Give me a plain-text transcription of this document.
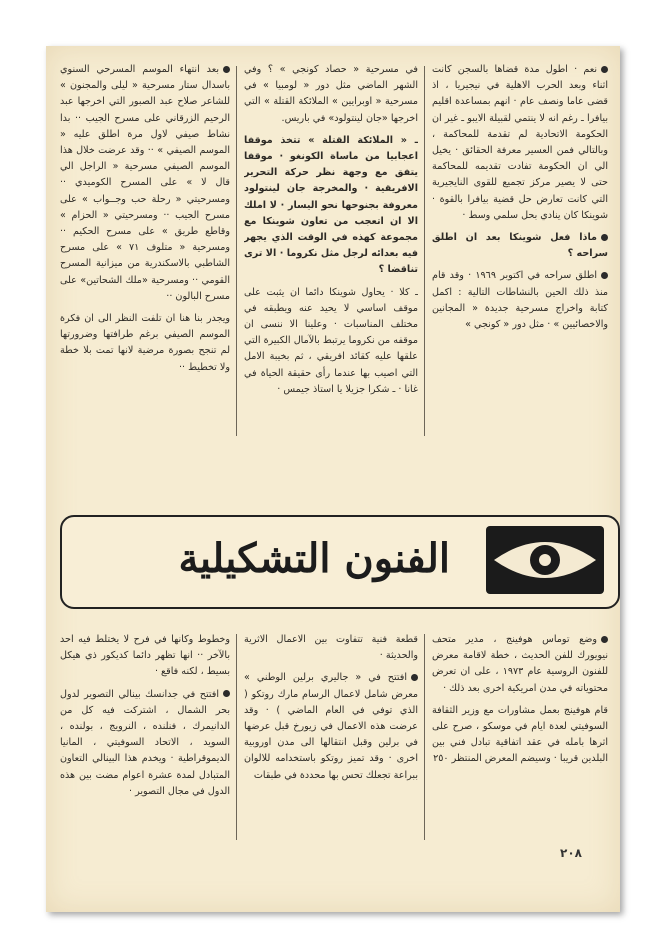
نعم · اطول مدة قضاها بالسجن كانت اثناء وبعد الحرب الاهلية في نيجيريا ، اذ قضى عاما ونصف عام · انهم بمساعدة اقليم بيافرا ـ رغم انه لا ينتمي لقبيلة الايبو ـ غير ان الحكومة الاتحادية لم تقدمة للمحاكمة ، وبالتالي فمن العسير معرفة الحقائق · يخيل الي ان الحكومة تفادت تقديمه للمحاكمة حتى لا يصير مركز تجميع للقوى النايجيرية التي كانت تعارض حل قضية بيافرا بالقوة · شوينكا كان ينادي بحل سلمي وسط ·

ماذا فعل شوينكا بعد ان اطلق سراحه ؟

اطلق سراحه في اكتوبر ١٩٦٩ · وقد قام منذ ذلك الحين بالنشاطات التالية : اكمل كتابة واخراج مسرحية جديدة « المجانين والاخصائيين » · مثل دور « كونجي »

في مسرحية « حصاد كونجي » ؟ وفي الشهر الماضي مثل دور « لومبيا » في مسرحية « اوبرايين » الملائكة القتلة » التي اخرجها «جان لينتولود» في باريس.

ـ « الملائكة القتلة » تتخذ موقفا اعجابيا من ماساة الكونغو · موقفا يتفق مع وجهة نظر حركة التحرير الافريقية · والمخرجة جان لينتولود معروفة بجنوحها نحو اليسار · لا املك الا ان اتعجب من تعاون شوينكا مع مجموعة كهذه في الوقت الذي يجهر فيه بعدائه لرجل مثل نكروما · الا ترى تناقضا ؟

ـ كلا · يحاول شوينكا دائما ان يثبت على موقف اساسي لا يحيد عنه ويطبقه في مختلف المناسبات · وعلينا الا ننسى ان موقفه من نكروما يرتبط بالآمال الكبيرة التي علقها عليه كقائد افريقي ، ثم بخيبة الامل التي اصيب بها عندما رأى حقيقة الحياة في غانا · ـ شكرا جزيلا يا استاذ جيمس ·

بعد انتهاء الموسم المسرحي السنوي باسدال ستار مسرحية « ليلى والمجنون » للشاعر صلاح عبد الصبور التي اخرجها عبد الرحيم الزرقاني على مسرح الجيب ·· بدا نشاط صيفي لاول مرة اطلق عليه « الموسم الصيفي » ·· وقد عرضت خلال هذا الموسم الصيفي مسرحية « الراجل الي قال لا » على المسرح الكوميدي ·· ومسرحيتي « رحلة حب وجــواب » على مسرح الجيب ·· ومسرحيتي « الحزام » وقاطع طريق » على مسرح الحكيم ·· ومسرحية « متلوف ٧١ » على مسرح الشاطبي بالاسكندرية من ميزانية المسرح القومي ·· ومسرحية «ملك الشحاتين» على مسرح البالون ··

ويجدر بنا هنا ان تلفت النظر الى ان فكرة الموسم الصيفي برغم طرافتها وضرورتها لم تنجح بصورة مرضية لانها تمت بلا خطة ولا تخطيط ··

الفنون التشكيلية

وضع توماس هوفينج ، مدير متحف نيويورك للفن الحديث ، خطة لاقامة معرض للفنون الروسية عام ١٩٧٣ ، على ان تعرض محتوياته في مدن امريكية اخرى بعد ذلك ·

قام هوفينج بعمل مشاورات مع وزير الثقافة السوفيتي لعدة ايام في موسكو ، صرح على اثرها بامله في عقد اتفاقية تبادل فني بين البلدين قريبا · وسيضم المعرض المنتظر ٢٥٠

قطعة فنية تتفاوت بين الاعمال الاثرية والحديثة ·

افتتح في « جاليري برلين الوطني » معرض شامل لاعمال الرسام مارك روتكو ( الذي توفي في العام الماضي ) · وقد عرضت هذه الاعمال في زيورخ قبل عرضها في برلين وقبل انتقالها الى مدن اوروبية اخرى · وقد تميز روتكو باستخدامه للالوان ببراعة تجعلك تحس بها محددة في طبقات

وخطوط وكانها في فرح لا يختلط فيه احد بالآخر ·· انها تظهر دائما كديكور ذي هيكل بسيط ، لكنه فاقع ·

افتتح في جدانسك بينالي التصوير لدول بحر الشمال ، اشتركت فيه كل من الدانيمرك ، فنلنده ، النرويج ، بولنده ، السويد ، الاتحاد السوفيتي ، المانيا الديموقراطية · ويخدم هذا البينالي التعاون المتبادل لمدة عشرة اعوام مضت بين هذه الدول في مجال التصوير ·

٢٠٨
